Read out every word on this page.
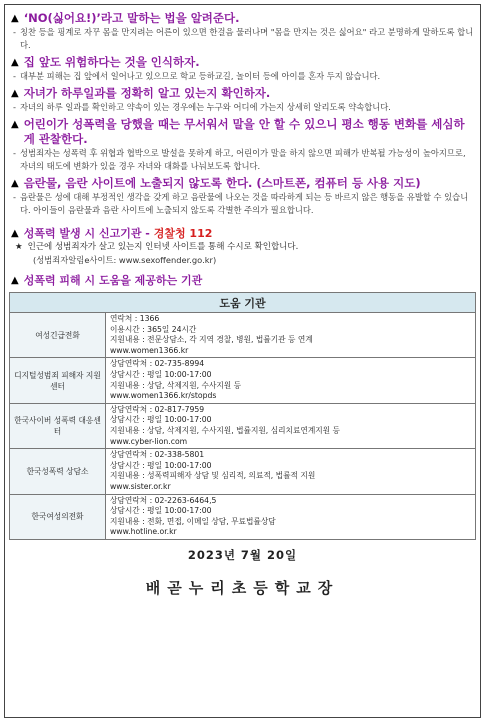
▲ ‘NO(싫어요!)’라고 말하는 법을 알려준다.
- 칭찬 등을 핑계로 자꾸 몸을 만지려는 어른이 있으면 한걸음 물러나며 "몸을 만지는 것은 싫어요" 라고 분명하게 말하도록 합니다.
▲ 집 앞도 위험하다는 것을 인식하자.
- 대부분 피해는 집 앞에서 일어나고 있으므로 학교 등하교길, 놀이터 등에 아이를 혼자 두지 않습니다.
▲ 자녀가 하루일과를 정확히 알고 있는지 확인하자.
- 자녀의 하루 일과를 확인하고 약속이 있는 경우에는 누구와 어디에 가는지 상세히 알리도록 약속합니다.
▲ 어린이가 성폭력을 당했을 때는 무서워서 말을 안 할 수 있으니 평소 행동 변화를 세심하게 관찰한다.
- 성범죄자는 성폭력 후 위협과 협박으로 발설을 못하게 하고, 어린이가 말을 하지 않으면 피해가 반복될 가능성이 높아지므로, 자녀의 태도에 변화가 있을 경우 자녀와 대화를 나눠보도록 합니다.
▲ 음란물, 음란 사이트에 노출되지 않도록 한다. (스마트폰, 컴퓨터 등 사용 지도)
- 음란물은 성에 대해 부정적인 생각을 갖게 하고 음란물에 나오는 것을 따라하게 되는 등 바르지 않은 행동을 유발할 수 있습니다. 아이들이 음란물과 음란 사이트에 노출되지 않도록 각별한 주의가 필요합니다.
▲ 성폭력 발생 시 신고기관 -
경찰청 112
★ 인근에 성범죄자가 살고 있는지 인터넷 사이트를 통해 수시로 확인합니다.
(성범죄자알림e사이트: www.sexoffender.go.kr)
▲ 성폭력 피해 시 도움을 제공하는 기관
도움 기관	
여성긴급전화	연락처 : 1366
이용시간 : 365일 24시간
지원내용 : 전문상담소, 각 지역 경찰, 병원, 법률기관 등 연계
www.women1366.kr

디지털성범죄 피해자 지원센터	상담연락처 : 02-735-8994
상담시간 : 평일 10:00-17:00
지원내용 : 상담, 삭제지원, 수사지원 등
www.women1366.kr/stopds

한국사이버 성폭력 대응센터	상담연락처 : 02-817-7959
상담시간 : 평일 10:00-17:00
지원내용 : 상담, 삭제지원, 수사지원, 법률지원, 심리치료연계지원 등
www.cyber-lion.com

한국성폭력 상담소	상담연락처 : 02-338-5801
상담시간 : 평일 10:00-17:00
지원내용 : 성폭력피해자 상담 및 심리적, 의료적, 법률적 지원
www.sister.or.kr

한국여성의전화	상담연락처 : 02-2263-6464,5
상담시간 : 평일 10:00-17:00
지원내용 : 전화, 면접, 이메일 상담, 무료법률상담
www.hotline.or.kr
2023년 7월 20일
배곧누리초등학교장
